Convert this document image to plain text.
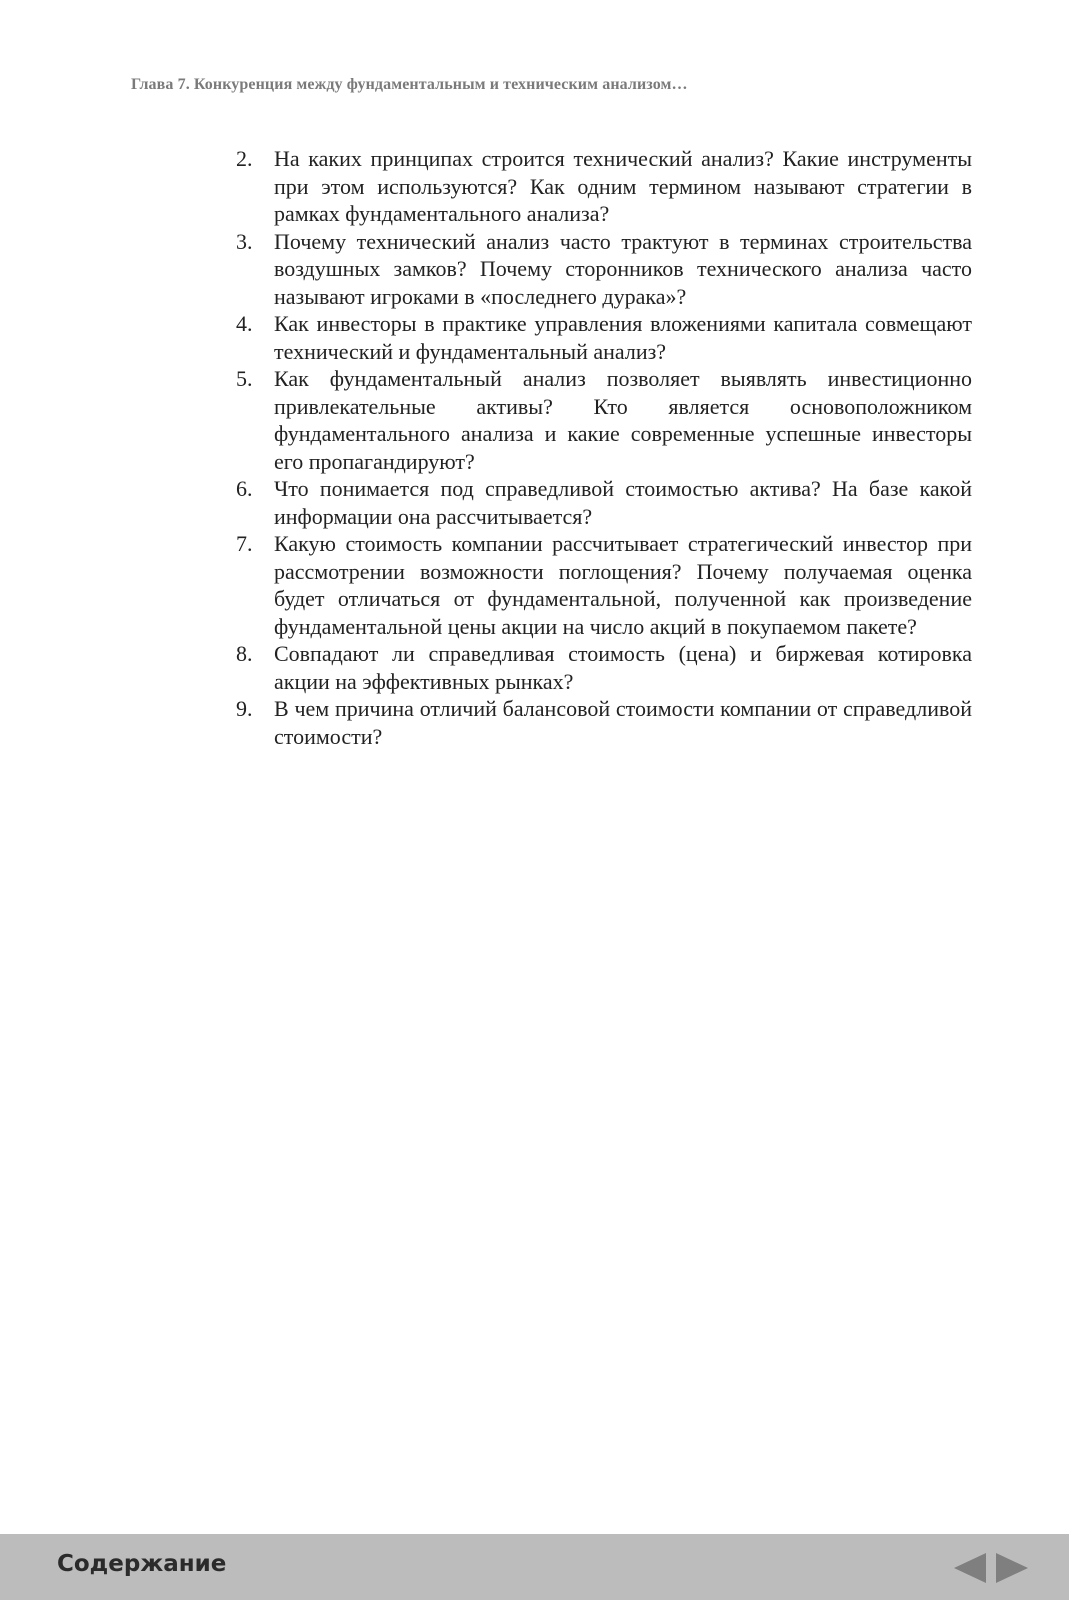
Глава 7. Конкуренция между фундаментальным и техническим анализом…
2. На каких принципах строится технический анализ? Какие инструменты при этом используются? Как одним термином называют стратегии в рамках фундаментального анализа?
3. Почему технический анализ часто трактуют в терминах строительства воздушных замков? Почему сторонников технического анализа часто называют игроками в «последнего дурака»?
4. Как инвесторы в практике управления вложениями капитала совмещают технический и фундаментальный анализ?
5. Как фундаментальный анализ позволяет выявлять инвестиционно привлекательные активы? Кто является основоположником фундаментального анализа и какие современные успешные инвесторы его пропагандируют?
6. Что понимается под справедливой стоимостью актива? На базе какой информации она рассчитывается?
7. Какую стоимость компании рассчитывает стратегический инвестор при рассмотрении возможности поглощения? Почему получаемая оценка будет отличаться от фундаментальной, полученной как произведение фундаментальной цены акции на число акций в покупаемом пакете?
8. Совпадают ли справедливая стоимость (цена) и биржевая котировка акции на эффективных рынках?
9. В чем причина отличий балансовой стоимости компании от справедливой стоимости?
Содержание
